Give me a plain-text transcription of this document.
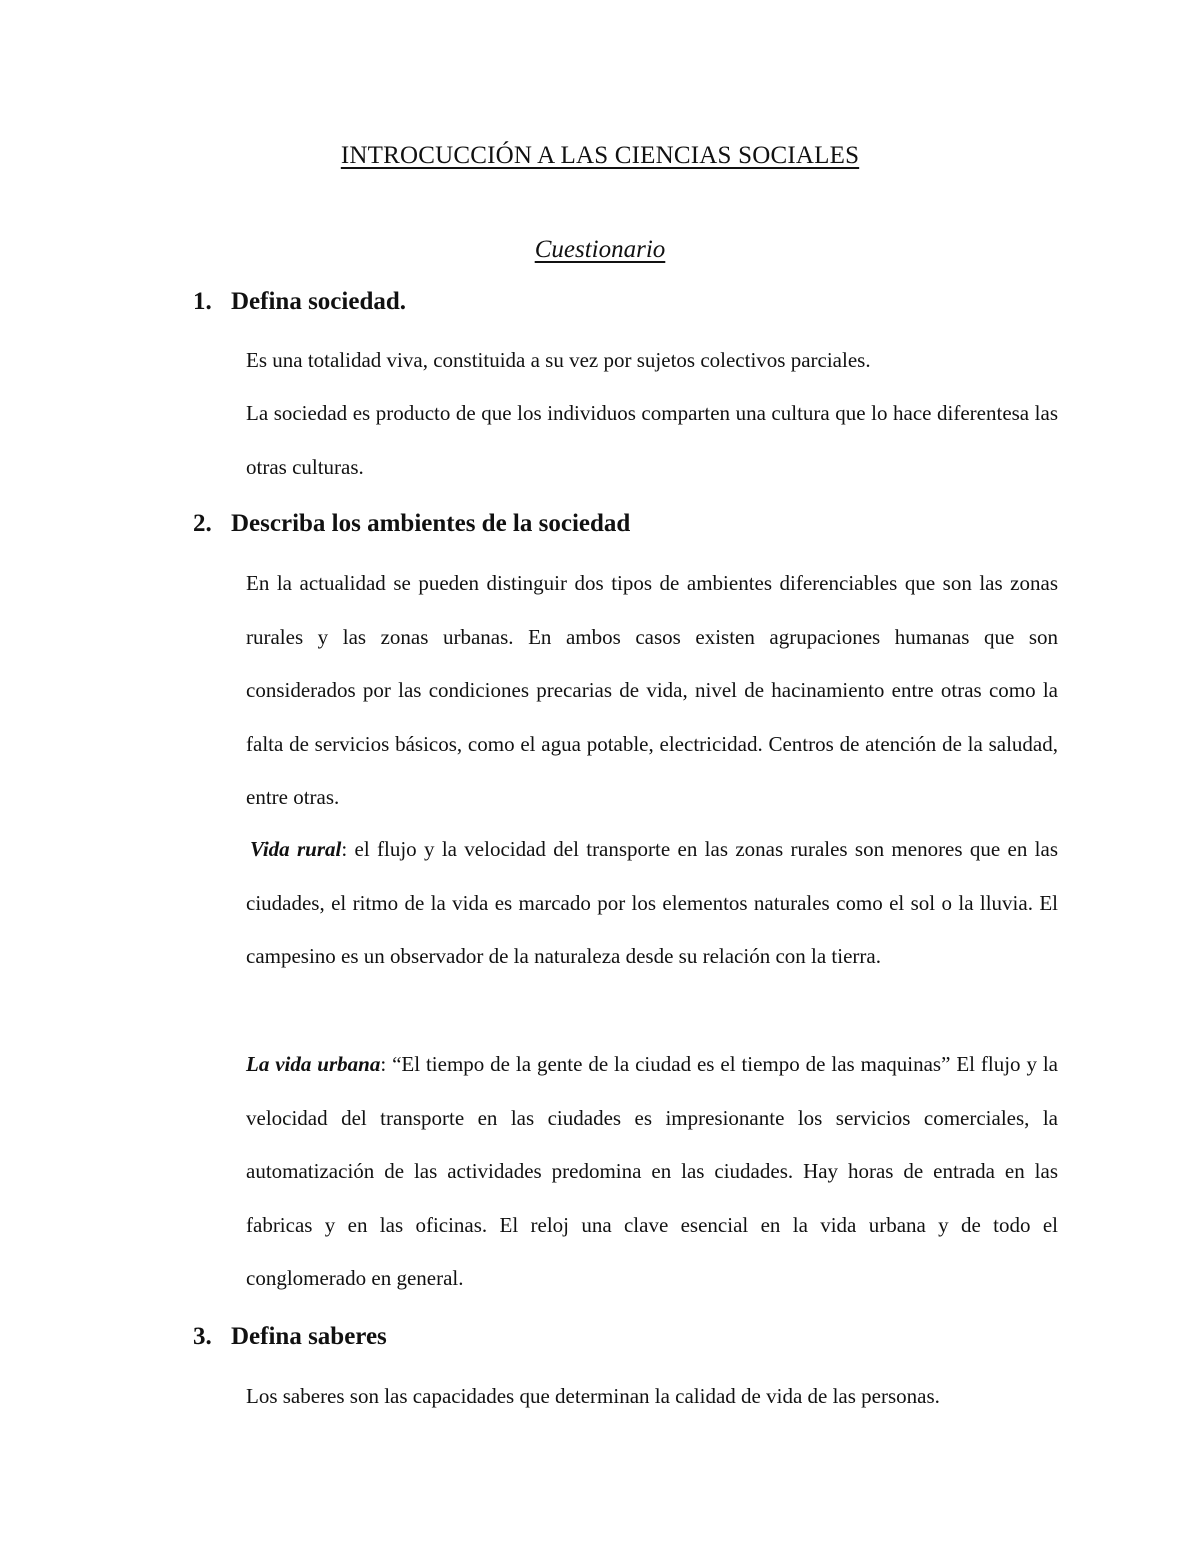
INTROCUCCIÓN A LAS CIENCIAS SOCIALES
Cuestionario
1. Defina sociedad.
Es una totalidad viva, constituida a su vez por sujetos colectivos parciales.
La sociedad es producto de que los individuos comparten una cultura que lo hace diferentesa las otras culturas.
2. Describa los ambientes de la sociedad
En la actualidad se pueden distinguir dos tipos de ambientes diferenciables que son las zonas rurales y las zonas urbanas. En ambos casos existen agrupaciones humanas que son considerados por las condiciones precarias de vida, nivel de hacinamiento entre otras como la falta de servicios básicos, como el agua potable, electricidad. Centros de atención de la saludad, entre otras.
Vida rural: el flujo y la velocidad del transporte en las zonas rurales son menores que en las ciudades, el ritmo de la vida es marcado por los elementos naturales como el sol o la lluvia. El campesino es un observador de la naturaleza desde su relación con la tierra.
La vida urbana: “El tiempo de la gente de la ciudad es el tiempo de las maquinas” El flujo y la velocidad del transporte en las ciudades es impresionante los servicios comerciales, la automatización de las actividades predomina en las ciudades. Hay horas de entrada en las fabricas y en las oficinas. El reloj una clave esencial en la vida urbana y de todo el conglomerado en general.
3. Defina saberes
Los saberes son las capacidades que determinan la calidad de vida de las personas.
